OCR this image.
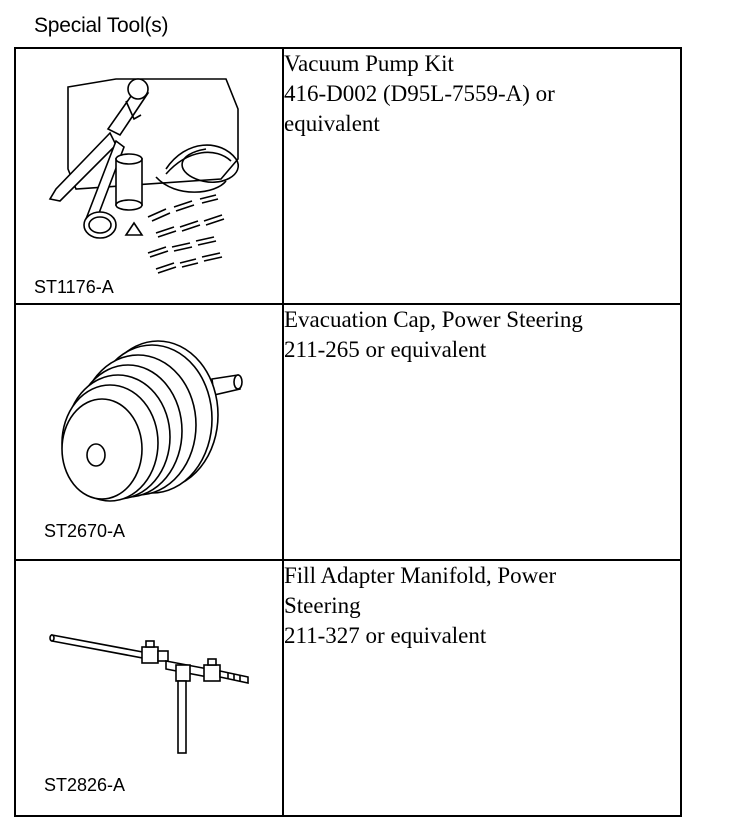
Special Tool(s)
ST1176-A	Vacuum Pump Kit
416-D002 (D95L-7559-A) or
equivalent

ST2670-A	Evacuation Cap, Power Steering
211-265 or equivalent

ST2826-A	Fill Adapter Manifold, Power
Steering
211-327 or equivalent
